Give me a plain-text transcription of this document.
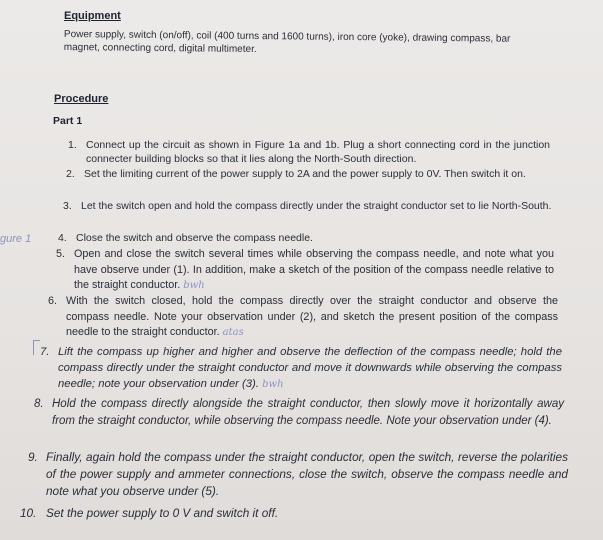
Equipment
Power supply, switch (on/off), coil (400 turns and 1600 turns), iron core (yoke), drawing compass, bar magnet, connecting cord, digital multimeter.
Procedure
Part 1
gure 1
1. Connect up the circuit as shown in Figure 1a and 1b. Plug a short connecting cord in the junction connecter building blocks so that it lies along the North-South direction.
2. Set the limiting current of the power supply to 2A and the power supply to 0V. Then switch it on.
3. Let the switch open and hold the compass directly under the straight conductor set to lie North-South.
4. Close the switch and observe the compass needle.
5. Open and close the switch several times while observing the compass needle, and note what you have observe under (1). In addition, make a sketch of the position of the compass needle relative to the straight conductor. bwh
6. With the switch closed, hold the compass directly over the straight conductor and observe the compass needle. Note your observation under (2), and sketch the present position of the compass needle to the straight conductor. atas
7. Lift the compass up higher and higher and observe the deflection of the compass needle; hold the compass directly under the straight conductor and move it downwards while observing the compass needle; note your observation under (3). bwh
8. Hold the compass directly alongside the straight conductor, then slowly move it horizontally away from the straight conductor, while observing the compass needle. Note your observation under (4).
9. Finally, again hold the compass under the straight conductor, open the switch, reverse the polarities of the power supply and ammeter connections, close the switch, observe the compass needle and note what you observe under (5).
10. Set the power supply to 0 V and switch it off.
